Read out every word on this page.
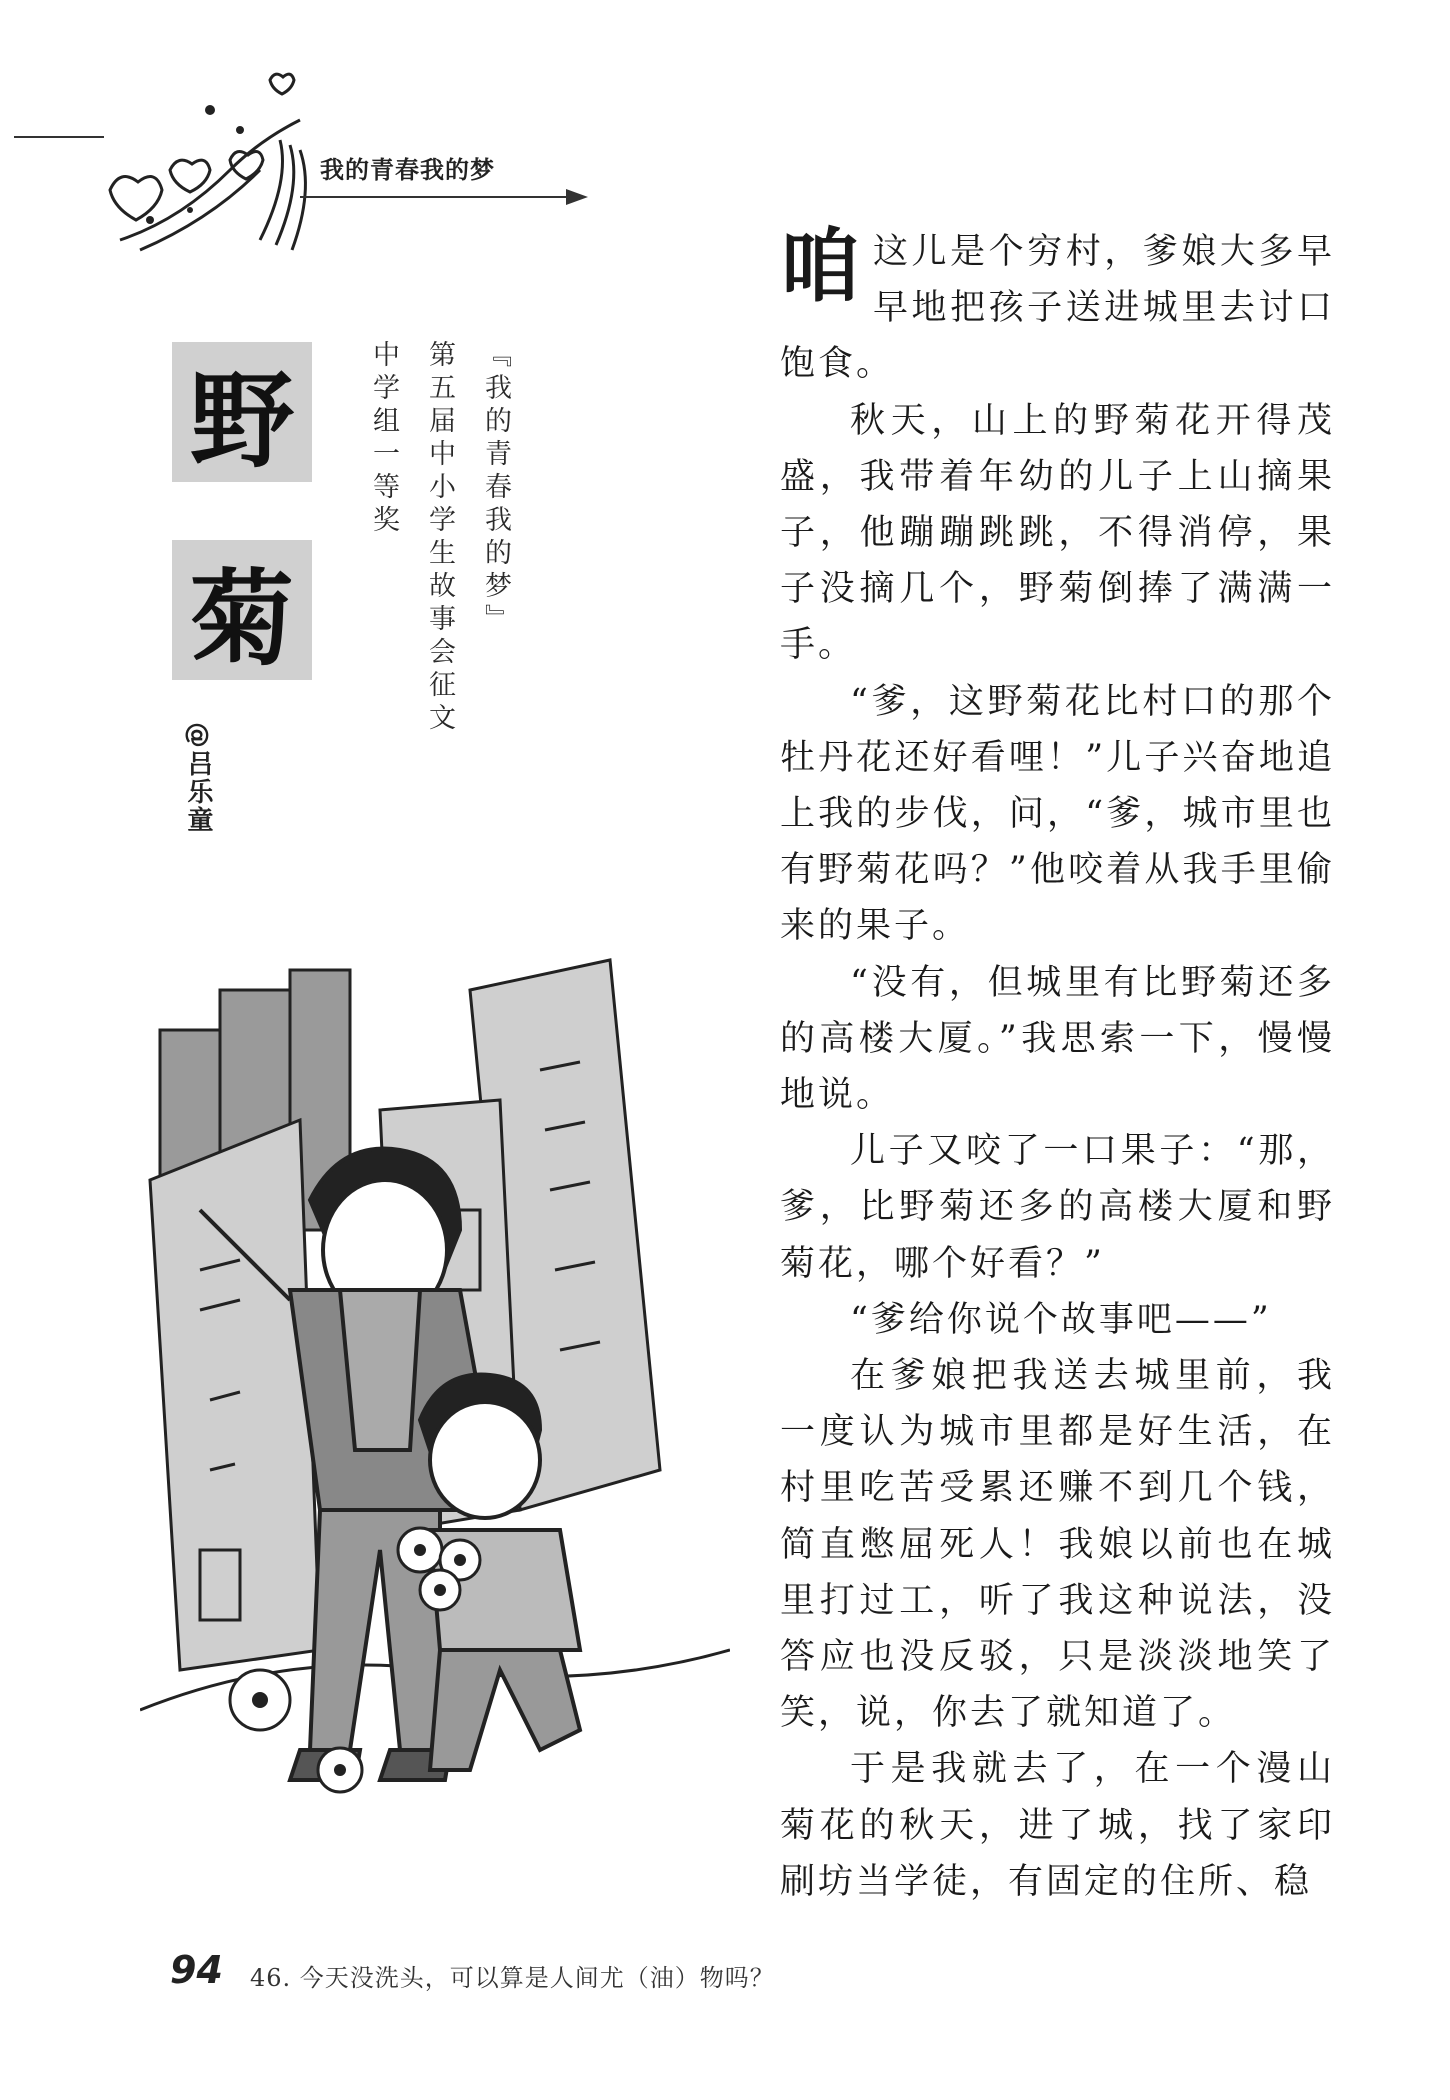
我的青春我的梦
野
菊
@吕乐童
『我的青春我的梦』
第五届中小学生故事会征文
中学组一等奖

咱这儿是个穷村，爹娘大多早早地把孩子送进城里去讨口饱食。

秋天，山上的野菊花开得茂盛，我带着年幼的儿子上山摘果子，他蹦蹦跳跳，不得消停，果子没摘几个，野菊倒捧了满满一手。

“爹，这野菊花比村口的那个牡丹花还好看哩！”儿子兴奋地追上我的步伐，问，“爹，城市里也有野菊花吗？”他咬着从我手里偷来的果子。

“没有，但城里有比野菊还多的高楼大厦。”我思索一下，慢慢地说。

儿子又咬了一口果子：“那，爹，比野菊还多的高楼大厦和野菊花，哪个好看？”

“爹给你说个故事吧——”

在爹娘把我送去城里前，我一度认为城市里都是好生活，在村里吃苦受累还赚不到几个钱，简直憋屈死人！我娘以前也在城里打过工，听了我这种说法，没答应也没反驳，只是淡淡地笑了笑，说，你去了就知道了。

于是我就去了，在一个漫山菊花的秋天，进了城，找了家印刷坊当学徒，有固定的住所、稳

94 46. 今天没洗头，可以算是人间尤（油）物吗？
